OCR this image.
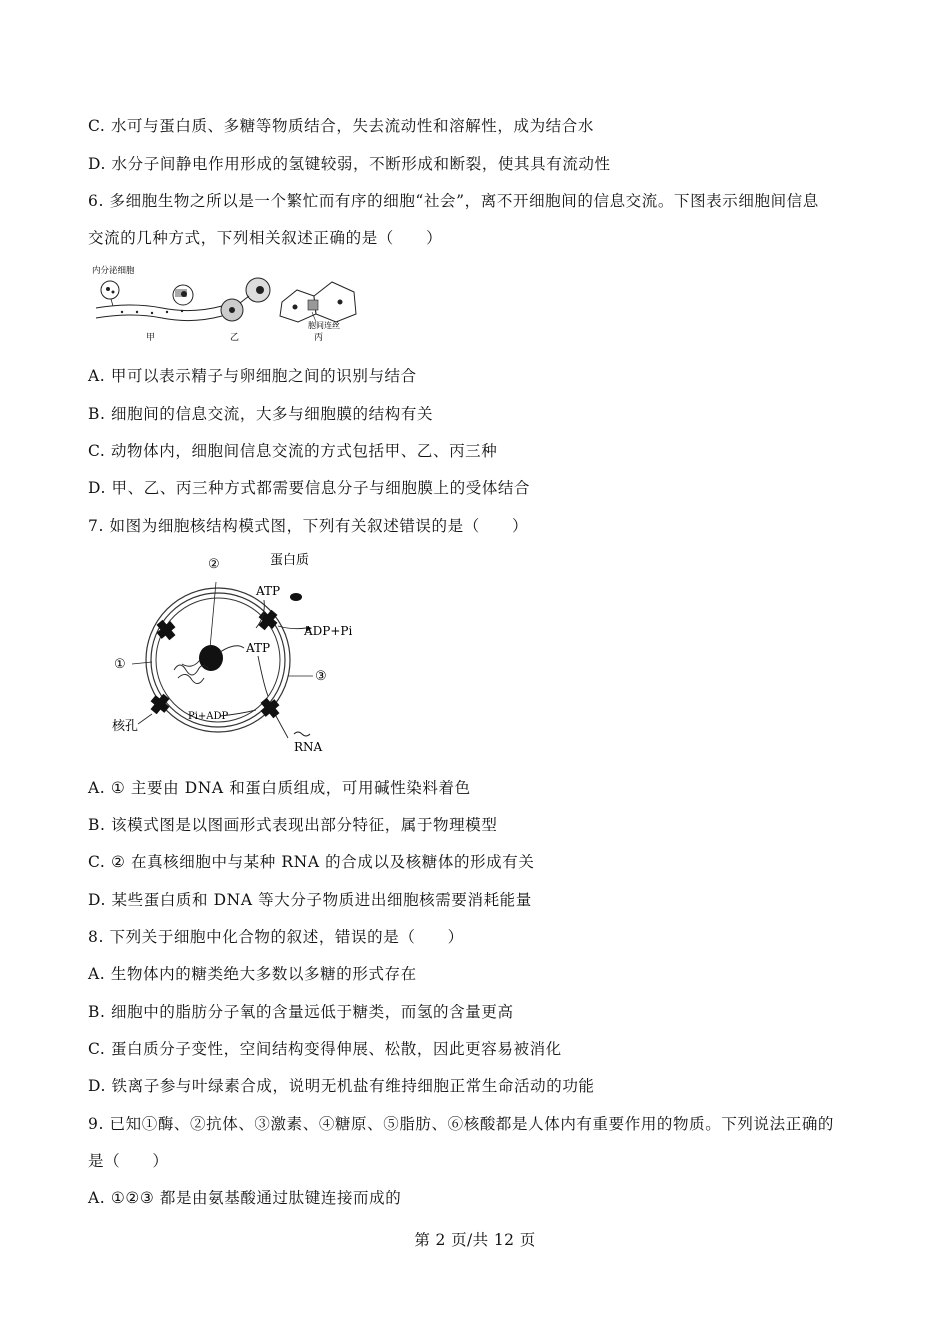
C. 水可与蛋白质、多糖等物质结合，失去流动性和溶解性，成为结合水
D. 水分子间静电作用形成的氢键较弱，不断形成和断裂，使其具有流动性
6. 多细胞生物之所以是一个繁忙而有序的细胞“社会”，离不开细胞间的信息交流。下图表示细胞间信息
交流的几种方式，下列相关叙述正确的是（　　）
内分泌细胞
甲	乙
胞间连丝
丙
A. 甲可以表示精子与卵细胞之间的识别与结合
B. 细胞间的信息交流，大多与细胞膜的结构有关
C. 动物体内，细胞间信息交流的方式包括甲、乙、丙三种
D. 甲、乙、丙三种方式都需要信息分子与细胞膜上的受体结合
7. 如图为细胞核结构模式图，下列有关叙述错误的是（　　）
②
①
③
蛋白质
ATP
ADP+Pi
ATP
Pi+ADP
RNA
核孔
A. ① 主要由 DNA 和蛋白质组成，可用碱性染料着色
B. 该模式图是以图画形式表现出部分特征，属于物理模型
C. ② 在真核细胞中与某种 RNA 的合成以及核糖体的形成有关
D. 某些蛋白质和 DNA 等大分子物质进出细胞核需要消耗能量
8. 下列关于细胞中化合物的叙述，错误的是（　　）
A. 生物体内的糖类绝大多数以多糖的形式存在
B. 细胞中的脂肪分子氧的含量远低于糖类，而氢的含量更高
C. 蛋白质分子变性，空间结构变得伸展、松散，因此更容易被消化
D. 铁离子参与叶绿素合成，说明无机盐有维持细胞正常生命活动的功能
9. 已知①酶、②抗体、③激素、④糖原、⑤脂肪、⑥核酸都是人体内有重要作用的物质。下列说法正确的
是（　　）
A. ①②③ 都是由氨基酸通过肽键连接而成的
第 2 页/共 12 页
